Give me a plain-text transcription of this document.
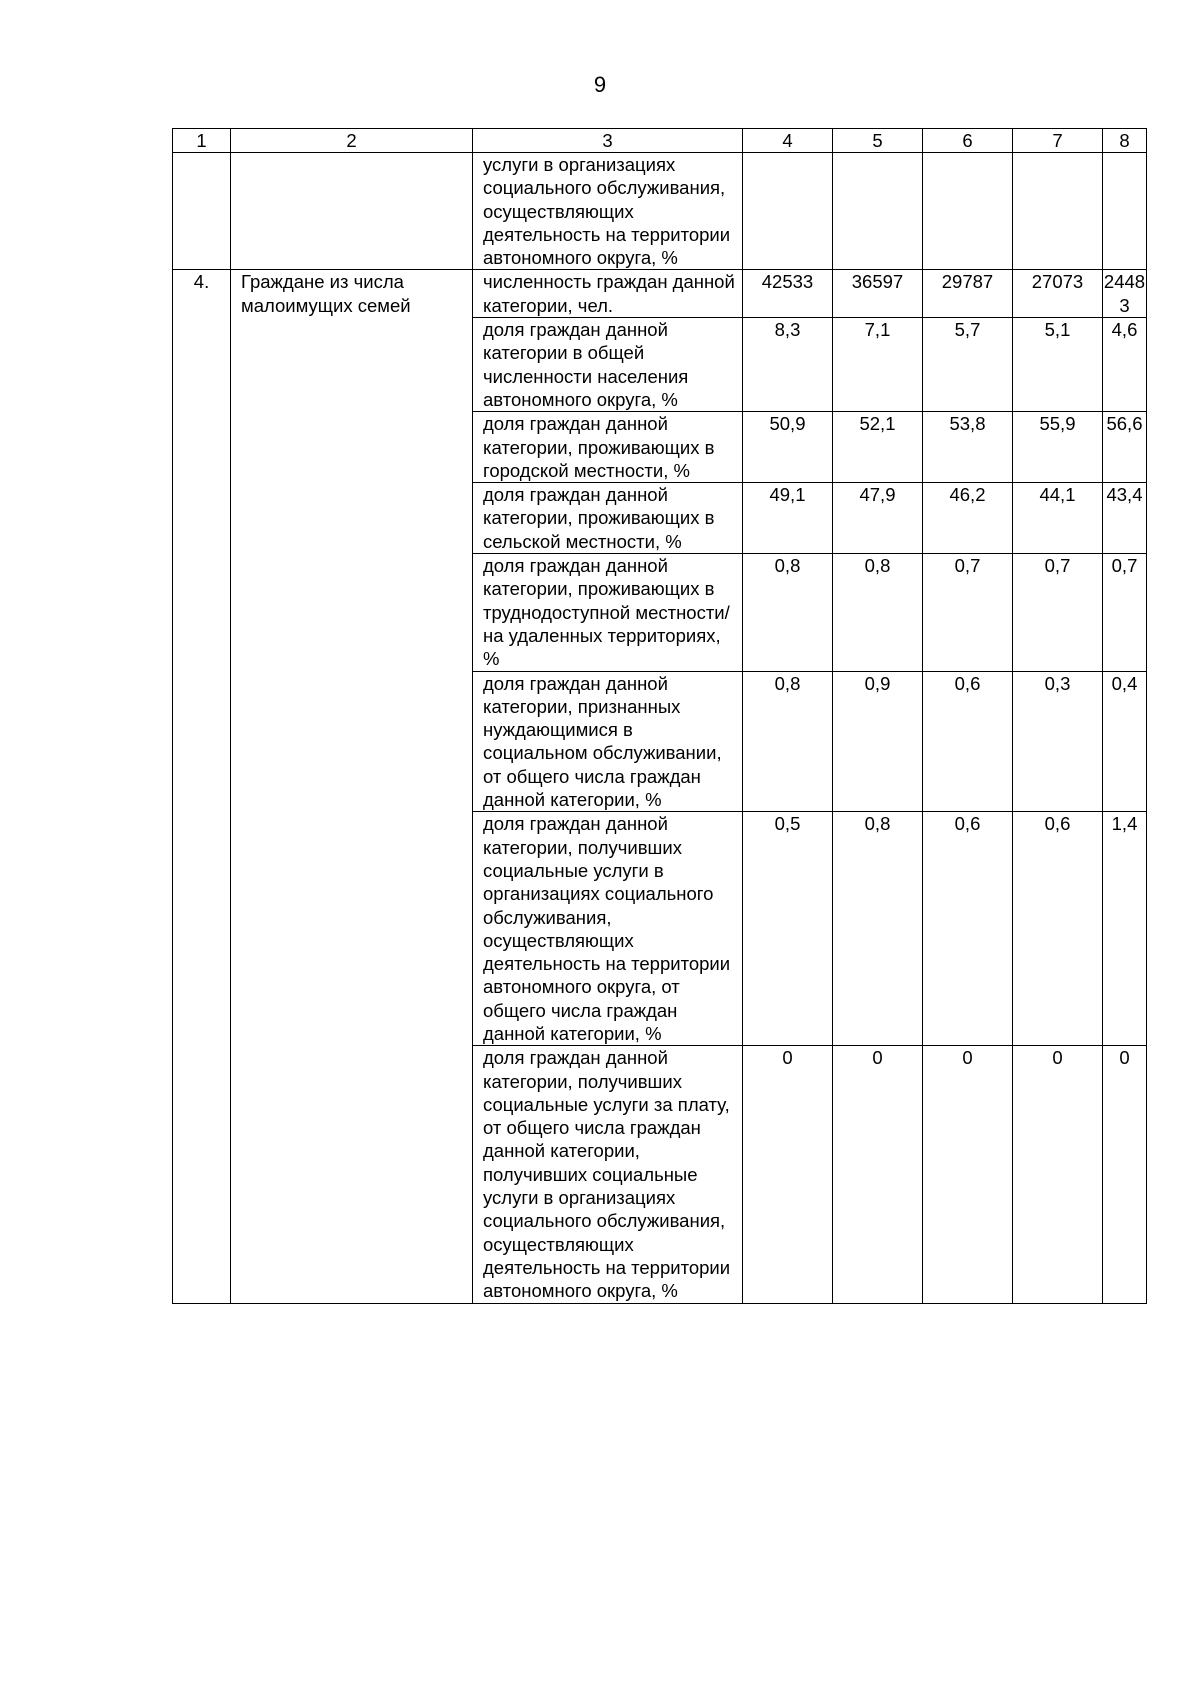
9
1	2	3	4	5	6	7	8
		услуги в организациях социального обслуживания, осуществляющих деятельность на территории автономного округа, %					
4.	Граждане из числа малоимущих семей	численность граждан данной категории, чел.	42533	36597	29787	27073	24483
		доля граждан данной категории в общей численности населения автономного округа, %	8,3	7,1	5,7	5,1	4,6
		доля граждан данной категории, проживающих в городской местности, %	50,9	52,1	53,8	55,9	56,6
		доля граждан данной категории, проживающих в сельской местности, %	49,1	47,9	46,2	44,1	43,4
		доля граждан данной категории, проживающих в труднодоступной местности/на удаленных территориях, %	0,8	0,8	0,7	0,7	0,7
		доля граждан данной категории, признанных нуждающимися в социальном обслуживании, от общего числа граждан данной категории, %	0,8	0,9	0,6	0,3	0,4
		доля граждан данной категории, получивших социальные услуги в организациях социального обслуживания, осуществляющих деятельность на территории автономного округа, от общего числа граждан данной категории, %	0,5	0,8	0,6	0,6	1,4
		доля граждан данной категории, получивших социальные услуги за плату, от общего числа граждан данной категории, получивших социальные услуги в организациях социального обслуживания, осуществляющих деятельность на территории автономного округа, %	0	0	0	0	0
